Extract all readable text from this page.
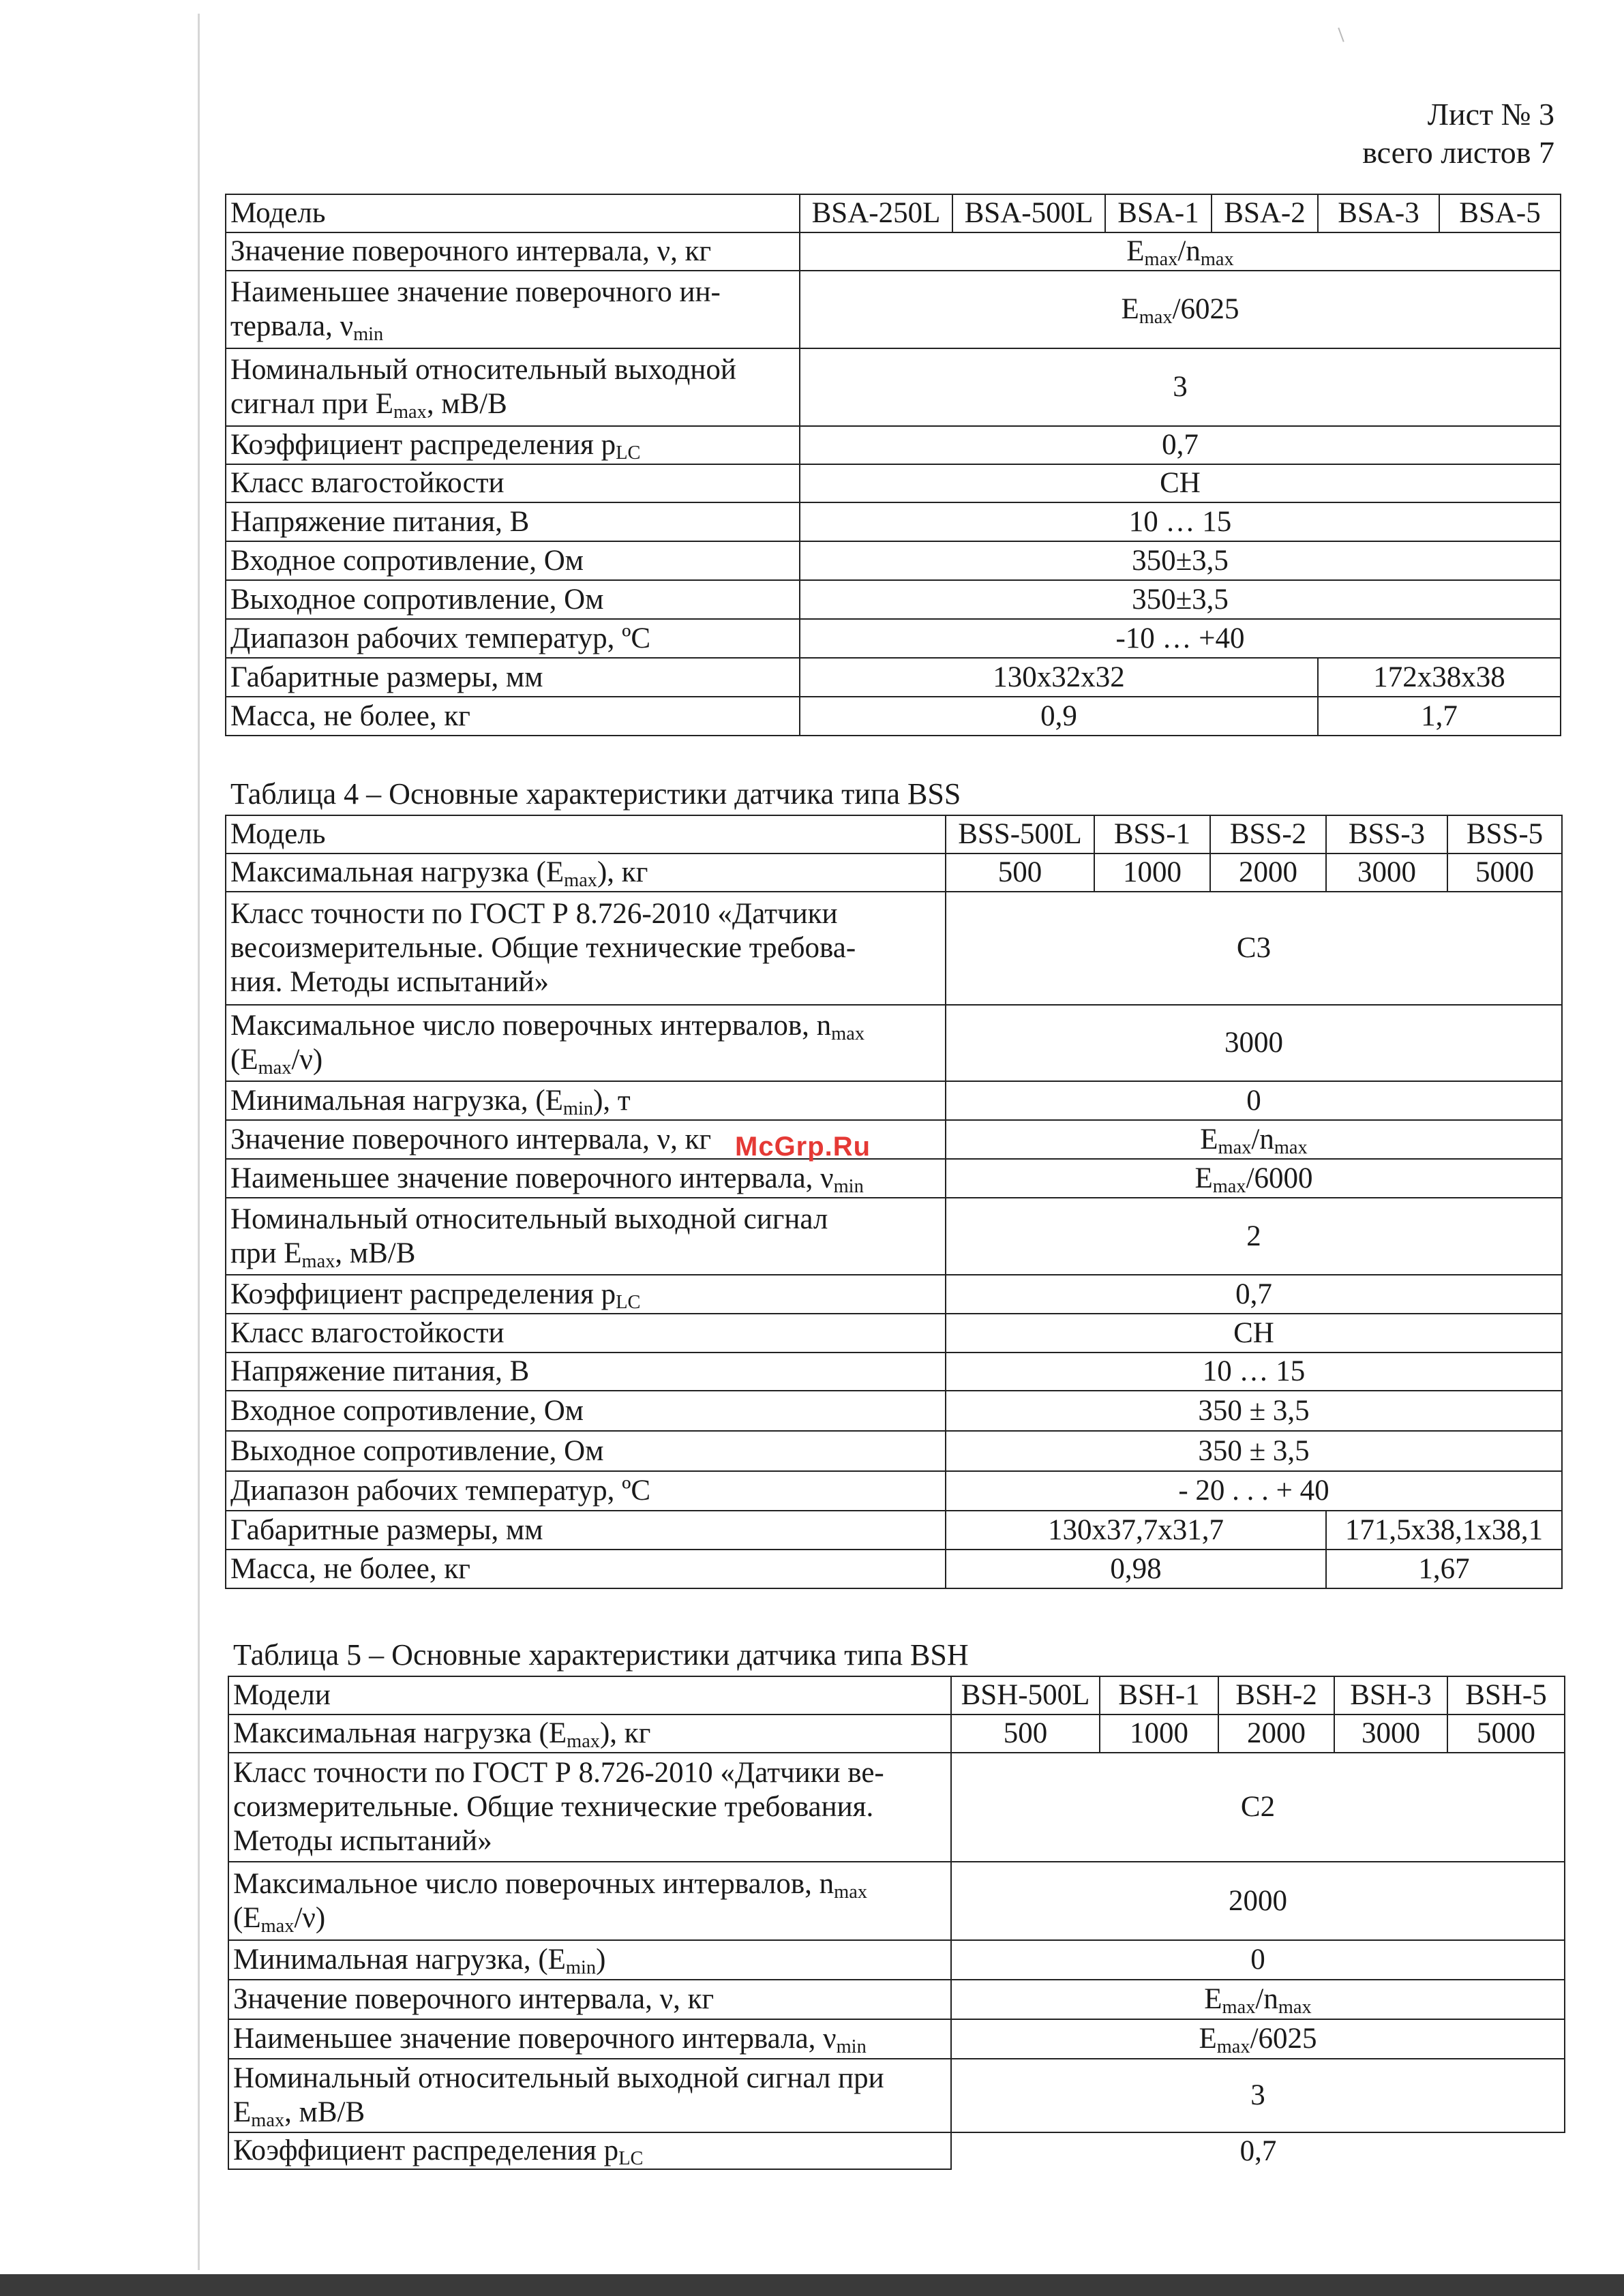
Лист № 3
всего листов 7
Модель	BSA-250L	BSA-500L	BSA-1	BSA-2	BSA-3	BSA-5
Значение поверочного интервала, ν, кг	$E_{max}/n_{max}$
Наименьшее значение поверочного ин-
тервала, $\nu_{min}$	$E_{max}/6025$					
Номинальный относительный выходной
сигнал при $E_{max}$, мВ/В	3					
Коэффициент распределения $p_{LC}$	0,7					
Класс влагостойкости	CH					
Напряжение питания, В	10 … 15					
Входное сопротивление, Ом	350±3,5					
Выходное сопротивление, Ом	350±3,5					
Диапазон рабочих температур, ºС	-10 … +40					
Габаритные размеры, мм	130х32х32				172х38х38	
Масса, не более, кг	0,9				1,7	
Таблица 4 – Основные характеристики датчика типа BSS
Модель	BSS-500L	BSS-1	BSS-2	BSS-3	BSS-5
Максимальная нагрузка $(E_{max})$, кг	500	1000	2000	3000	5000
Класс точности по ГОСТ Р 8.726-2010 «Датчики
весоизмерительные. Общие технические требова-
ния. Методы испытаний»	C3				
Максимальное число поверочных интервалов, $n_{max}$
$(E_{max}/\nu)$	3000				
Минимальная нагрузка, $(E_{min})$, т	0				
Значение поверочного интервала, ν, кг	$E_{max}/n_{max}$
Наименьшее значение поверочного интервала, $\nu_{min}$	$E_{max}/6000$				

Номинальный относительный выходной сигнал
при $E_{max}$, мВ/В	2				
Коэффициент распределения $p_{LC}$	0,7				
Класс влагостойкости	CH				
Напряжение питания, В	10 … 15				
Входное сопротивление, Ом	350 ± 3,5				
Выходное сопротивление, Ом	350 ± 3,5				
Диапазон рабочих температур, ºС	- 20 . . . + 40				
Габаритные размеры, мм	130х37,7х31,7			171,5х38,1х38,1	
Масса, не более, кг	0,98			1,67	
Таблица 5 – Основные характеристики датчика типа BSH
Модели	BSH-500L	BSH-1	BSH-2	BSH-3	BSH-5
Максимальная нагрузка $(E_{max})$, кг	500	1000	2000	3000	5000
Класс точности по ГОСТ Р 8.726-2010 «Датчики ве-
соизмерительные. Общие технические требования.
Методы испытаний»	C2				
Максимальное число поверочных интервалов, $n_{max}$
$(E_{max}/\nu)$	2000				
Минимальная нагрузка, $(E_{min})$	0				
Значение поверочного интервала, ν, кг	$E_{max}/n_{max}$
Наименьшее значение поверочного интервала, $\nu_{min}$	$E_{max}/6025$				

Номинальный относительный выходной сигнал при
$E_{max}$, мВ/В	3				
Коэффициент распределения $p_{LC}$	0,7				
McGrp.Ru
